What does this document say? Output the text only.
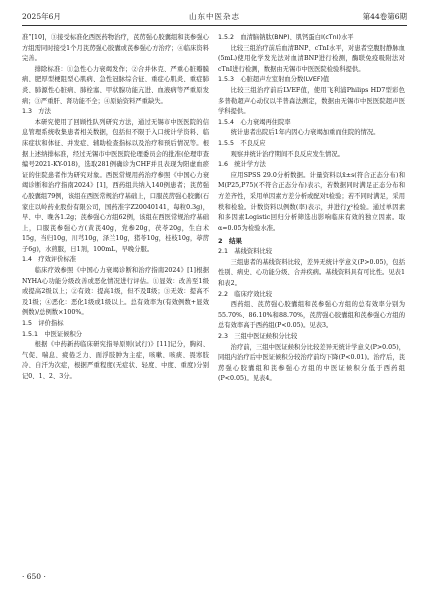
2025年6月	山东中医杂志	第44卷第6期

准”[10]，③接受标准化西医药物治疗，芪苈强心胶囊组和芪参强心方组需同时接受1个月芪苈强心胶囊或芪参强心方治疗；④临床资料完善。

排除标准：①急性心力衰竭发作；②合并休克、严重心脏瓣膜病、肥厚型梗阻型心肌病、急性冠脉综合征、重症心肌炎、重症肺炎、肺源性心脏病、肺栓塞、甲状腺功能亢进、血液病等严重原发病；③严重肝、肾功能不全；④原始资料严重缺失。

1.3　方法

本研究使用了回顾性队列研究方法，通过无锡市中医医院的信息管理系统收集患者相关数据，包括但不限于入口统计学资料、临床症状和体征、并发症、辅助检查指标以及治疗和预后情况等。根据上述纳排标准，经过无锡市中医医院伦理委员会的批准(伦理审查编号2021-KY-018)，选取281例确诊为CHF并且表现为阳虚血瘀证的住院患者作为研究对象。西医常规用药治疗参照《中国心力衰竭诊断和治疗指南2024》[1]，西药组共纳入140例患者；芪苈强心胶囊组79例，该组在西医常规治疗基础上，口服芪苈强心胶囊(石家庄以岭药业股份有限公司，国药准字Z20040141，每粒0.3g)，早、中、晚各1.2g；芪参强心方组62例，该组在西医常规治疗基础上，口服芪参强心方(黄芪40g，党参20g，茯苓20g，生白术15g，当归10g，川芎10g，泽兰10g，猪苓10g，桂枝10g，葶苈子6g)，水煎服，日1剂，100mL，早晚分服。

1.4　疗效评价标准

临床疗效参照《中国心力衰竭诊断和治疗指南2024》[1]根据NYHA心功能分级改善或恶化情况进行评估。①显效：改善至1级或提高2级以上；②有效：提高1级，但不及Ⅱ级；③无效：提高不及1级；④恶化：恶化1级或1级以上。总有效率为(有效例数+显效例数)/总例数×100%。

1.5　评价指标
1.5.1　中医证候积分

根据《中药新药临床研究指导原则(试行)》[11]记分，胸闷、气促、喘息、疲倦乏力、面浮肢肿为主症，咳嗽、咳痰、畏寒肢冷、自汗为次症，根据严重程度(无症状、轻度、中度、重度)分别记0、1、2、3分。

1.5.2　血清脑钠肽(BNP)、肌钙蛋白I(cTnI)水平

比较三组治疗前后血清BNP、cTnI水平，对患者空腹肘静脉血(5mL)使用化学发光法对血清BNP进行检测，酶联免疫吸附法对cTnI进行检测，数据由无锡市中医医院检验科提供。

1.5.3　心脏超声左室射血分数(LVEF)值

比较三组治疗前后LVEF值，使用飞利浦Philips HD7型彩色多普勒超声心动仪以半普森法测定，数据由无锡市中医医院超声医学科提供。

1.5.4　心力衰竭再住院率

统计患者出院后1年内因心力衰竭加重而住院的情况。

1.5.5　不良反应

观察并统计治疗期间不良反应发生情况。

1.6　统计学方法

应用SPSS 29.0分析数据。计量资料以x̄±s(符合正态分布)和M(P25,P75)(不符合正态分布)表示，若数据同时满足正态分布和方差齐性，采用单因素方差分析或配对t检验；若不同时满足，采用秩和检验。计数资料以例数(率)表示，并进行χ²检验。通过单因素和多因素Logistic回归分析筛选出影响临床有效的独立因素。取α=0.05为检验水准。

2　结果
2.1　基线资料比较

三组患者的基线资料比较，差异无统计学意义(P>0.05)，包括性别、病史、心功能分级、合并疾病。基线资料具有可比性。见表1和表2。

2.2　临床疗效比较

西药组、芪苈强心胶囊组和芪参强心方组的总有效率分别为55.70%、86.10%和88.70%，芪苈强心胶囊组和芪参强心方组的总有效率高于西药组(P<0.05)。见表3。

2.3　三组中医证候积分比较

治疗前，三组中医证候积分比较差异无统计学意义(P>0.05)，同组内治疗后中医证候积分较治疗前均下降(P<0.01)。治疗后，芪苈强心胶囊组和芪参强心方组的中医证候积分低于西药组(P<0.05)。见表4。

· 650 ·
